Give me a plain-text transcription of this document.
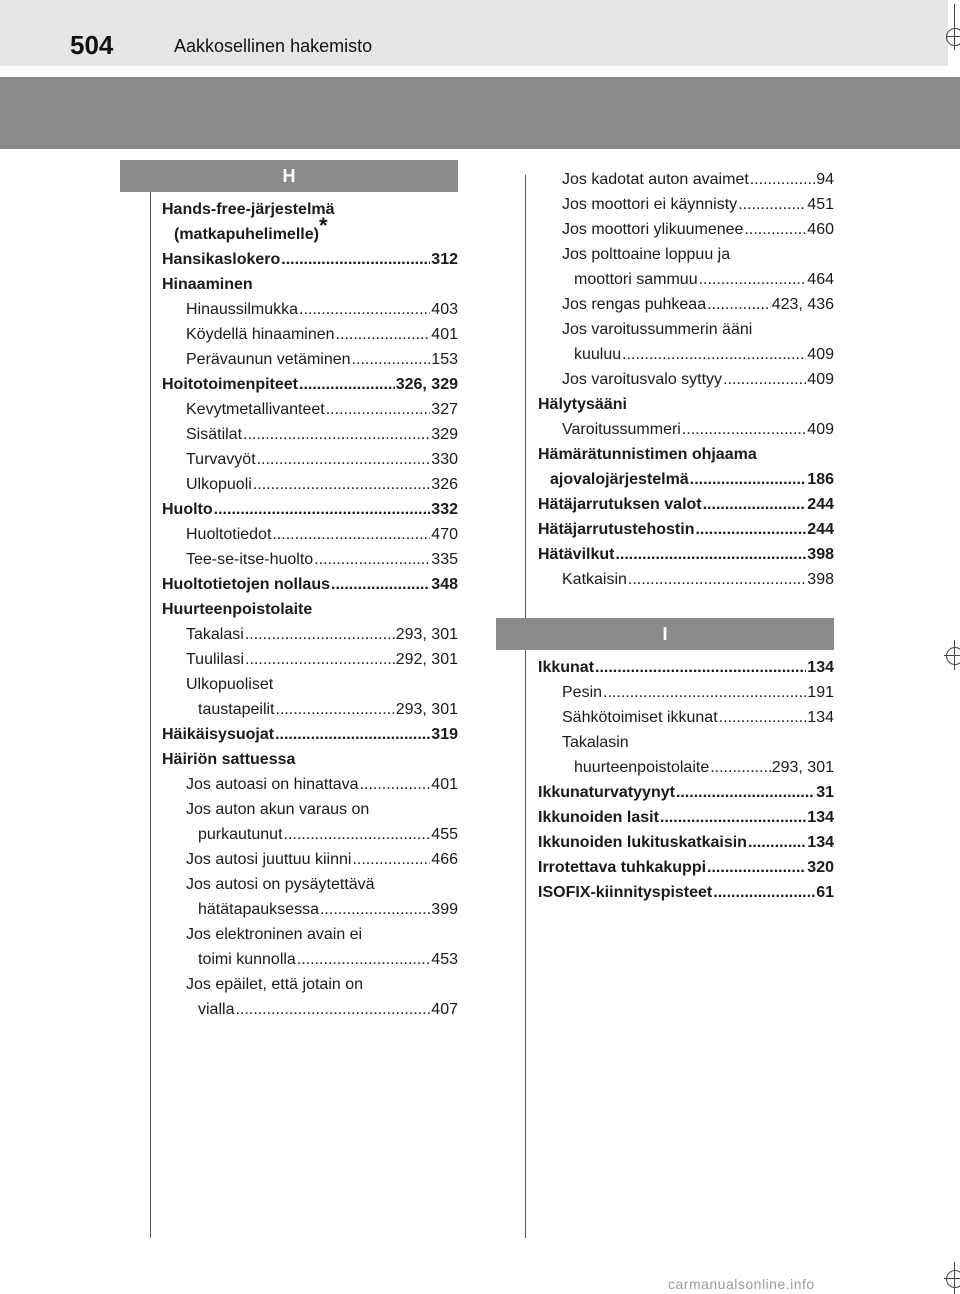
504	Aakkosellinen hakemisto
H
Hands-free-järjestelmä
(matkapuhelimelle)*
Hansikaslokero .....	312
Hinaaminen
Hinaussilmukka .....	403
Köydellä hinaaminen .....	401
Perävaunun vetäminen .....	153
Hoitotoimenpiteet .....	326, 329
Kevytmetallivanteet .....	327
Sisätilat .....	329
Turvavyöt .....	330
Ulkopuoli .....	326
Huolto .....	332
Huoltotiedot .....	470
Tee-se-itse-huolto .....	335
Huoltotietojen nollaus .....	348
Huurteenpoistolaite
Takalasi .....	293, 301
Tuulilasi .....	292, 301
Ulkopuoliset
taustapeilit .....	293, 301
Häikäisysuojat .....	319
Häiriön sattuessa
Jos autoasi on hinattava .....	401
Jos auton akun varaus on
purkautunut .....	455
Jos autosi juuttuu kiinni .....	466
Jos autosi on pysäytettävä
hätätapauksessa .....	399
Jos elektroninen avain ei
toimi kunnolla .....	453
Jos epäilet, että jotain on
vialla .....	407
Jos kadotat auton avaimet .....	94
Jos moottori ei käynnisty .....	451
Jos moottori ylikuumenee .....	460
Jos polttoaine loppuu ja
moottori sammuu .....	464
Jos rengas puhkeaa .....	423, 436
Jos varoitussummerin ääni
kuuluu .....	409
Jos varoitusvalo syttyy .....	409
Hälytysääni
Varoitussummeri .....	409
Hämärätunnistimen ohjaama
ajovalojärjestelmä .....	186
Hätäjarrutuksen valot .....	244
Hätäjarrutustehostin .....	244
Hätävilkut .....	398
Katkaisin .....	398
I
Ikkunat .....	134
Pesin .....	191
Sähkötoimiset ikkunat .....	134
Takalasin
huurteenpoistolaite .....	293, 301
Ikkunaturvatyynyt .....	31
Ikkunoiden lasit .....	134
Ikkunoiden lukituskatkaisin .....	134
Irrotettava tuhkakuppi .....	320
ISOFIX-kiinnityspisteet .....	61
carmanualsonline.info
